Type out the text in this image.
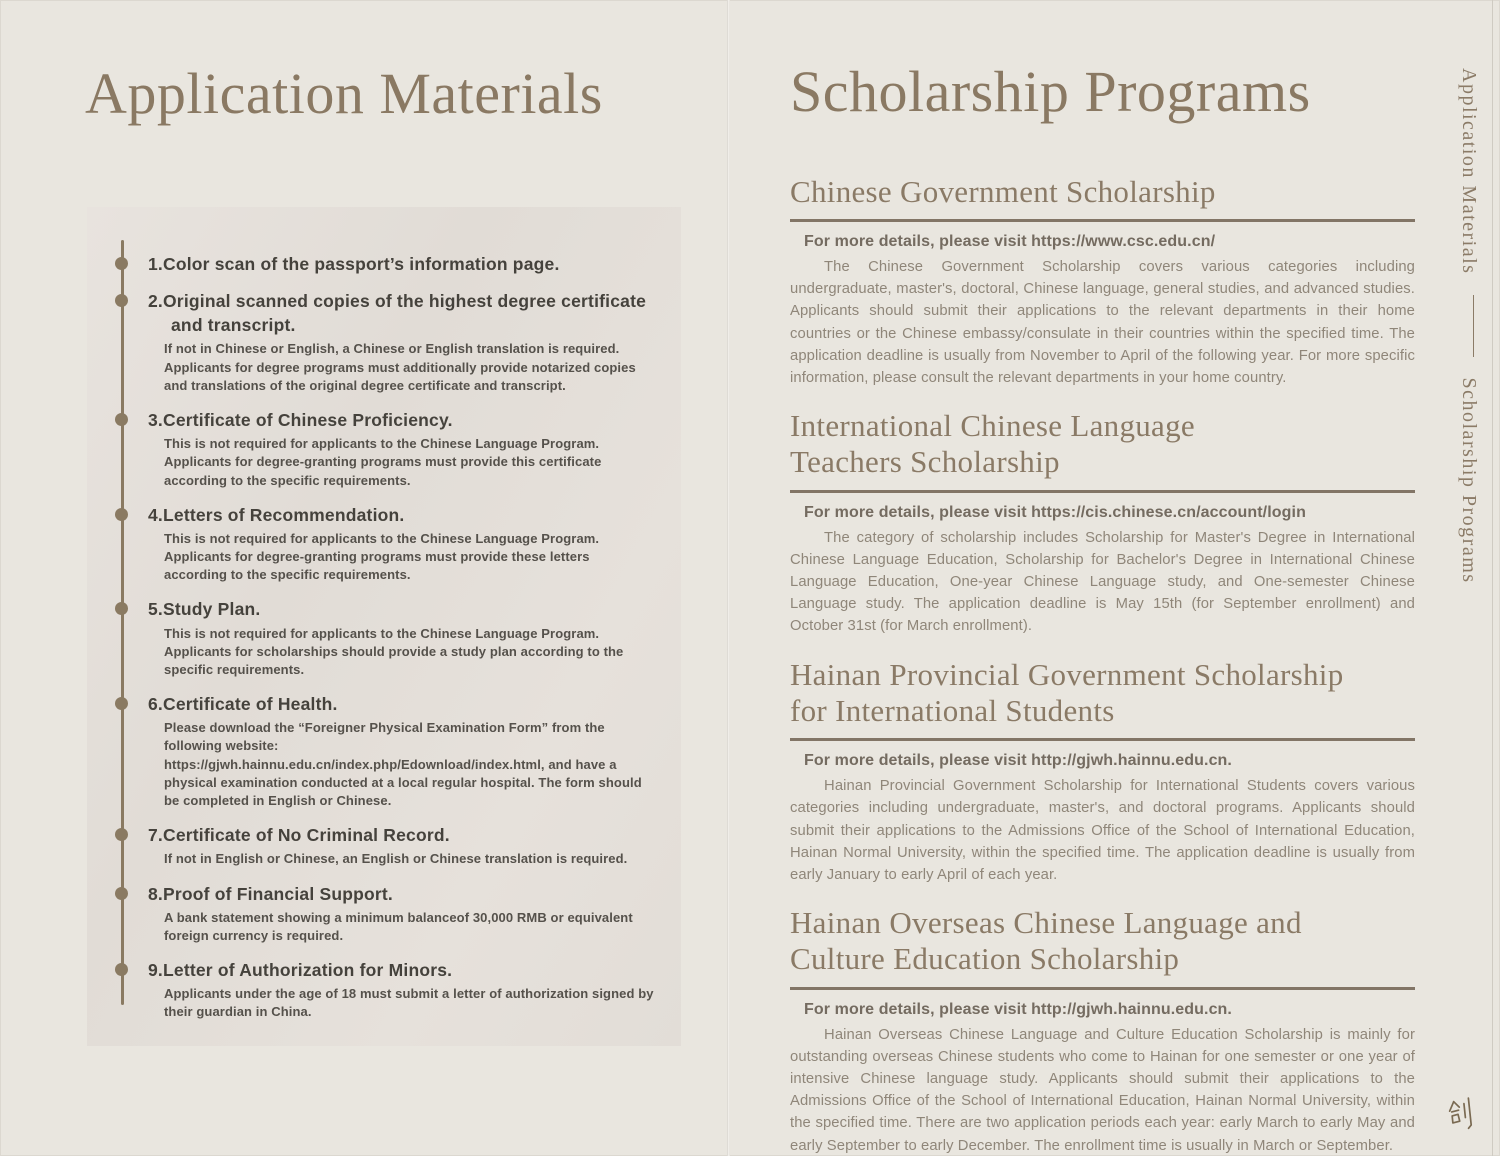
Application Materials
1.Color scan of the passport’s information page.
2.Original scanned copies of the highest degree certificate and transcript.
If not in Chinese or English, a Chinese or English translation is required. Applicants for degree programs must additionally provide notarized copies and translations of the original degree certificate and transcript.
3.Certificate of Chinese Proficiency.
This is not required for applicants to the Chinese Language Program. Applicants for degree-granting programs must provide this certificate according to the specific requirements.
4.Letters of Recommendation.
This is not required for applicants to the Chinese Language Program. Applicants for degree-granting programs must provide these letters according to the specific requirements.
5.Study Plan.
This is not required for applicants to the Chinese Language Program. Applicants for scholarships should provide a study plan according to the specific requirements.
6.Certificate of Health.
Please download the “Foreigner Physical Examination Form” from the following website: https://gjwh.hainnu.edu.cn/index.php/Edownload/index.html, and have a physical examination conducted at a local regular hospital. The form should be completed in English or Chinese.
7.Certificate of No Criminal Record.
If not in English or Chinese, an English or Chinese translation is required.
8.Proof of Financial Support.
A bank statement showing a minimum balanceof 30,000 RMB or equivalent foreign currency is required.
9.Letter of Authorization for Minors.
Applicants under the age of 18 must submit a letter of authorization signed by their guardian in China.
Scholarship Programs
Chinese Government Scholarship

For more details, please visit https://www.csc.edu.cn/

The Chinese Government Scholarship covers various categories including undergraduate, master's, doctoral, Chinese language, general studies, and advanced studies. Applicants should submit their applications to the relevant departments in their home countries or the Chinese embassy/consulate in their countries within the specified time. The application deadline is usually from November to April of the following year. For more specific information, please consult the relevant departments in your home country.

International Chinese Language
Teachers Scholarship

For more details, please visit https://cis.chinese.cn/account/login

The category of scholarship includes Scholarship for Master's Degree in International Chinese Language Education, Scholarship for Bachelor's Degree in International Chinese Language Education, One-year Chinese Language study, and One-semester Chinese Language study. The application deadline is May 15th (for September enrollment) and October 31st (for March enrollment).

Hainan Provincial Government Scholarship
for International Students

For more details, please visit http://gjwh.hainnu.edu.cn.

Hainan Provincial Government Scholarship for International Students covers various categories including undergraduate, master's, and doctoral programs. Applicants should submit their applications to the Admissions Office of the School of International Education, Hainan Normal University, within the specified time. The application deadline is usually from early January to early April of each year.

Hainan Overseas Chinese Language and
Culture Education Scholarship

For more details, please visit http://gjwh.hainnu.edu.cn.

Hainan Overseas Chinese Language and Culture Education Scholarship is mainly for outstanding overseas Chinese students who come to Hainan for one semester or one year of intensive Chinese language study. Applicants should submit their applications to the Admissions Office of the School of International Education, Hainan Normal University, within the specified time. There are two application periods each year: early March to early May and early September to early December. The enrollment time is usually in March or September.

Application Materials  Scholarship Programs
